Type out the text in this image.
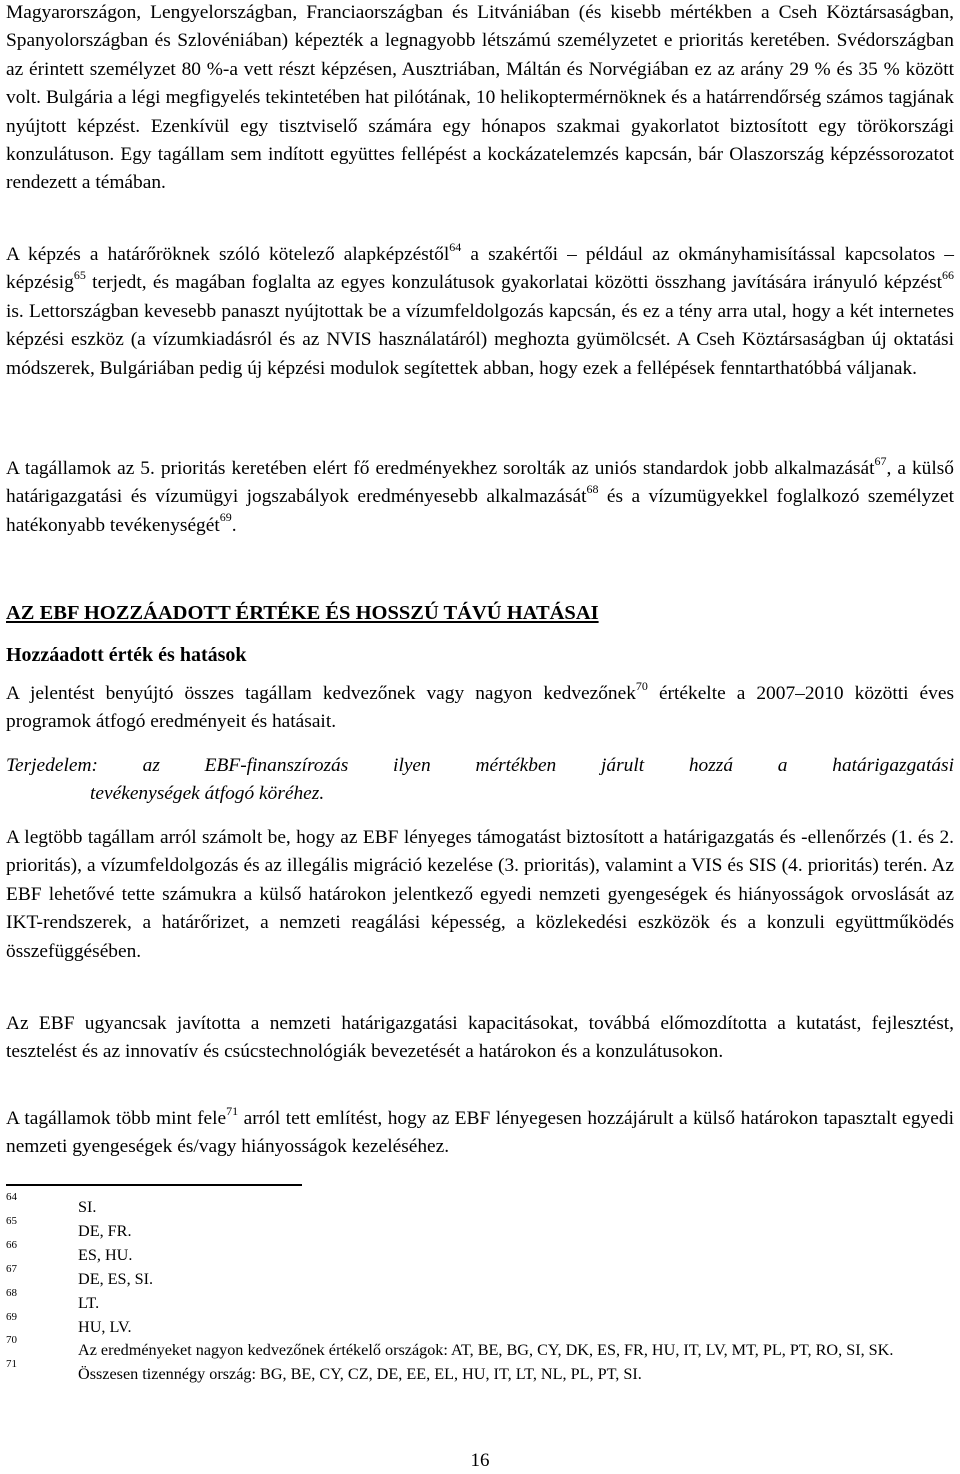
Magyarországon, Lengyelországban, Franciaországban és Litvániában (és kisebb mértékben a Cseh Köztársaságban, Spanyolországban és Szlovéniában) képezték a legnagyobb létszámú személyzetet e prioritás keretében. Svédországban az érintett személyzet 80 %-a vett részt képzésen, Ausztriában, Máltán és Norvégiában ez az arány 29 % és 35 % között volt. Bulgária a légi megfigyelés tekintetében hat pilótának, 10 helikoptermérnöknek és a határrendőrség számos tagjának nyújtott képzést. Ezenkívül egy tisztviselő számára egy hónapos szakmai gyakorlatot biztosított egy törökországi konzulátuson. Egy tagállam sem indított együttes fellépést a kockázatelemzés kapcsán, bár Olaszország képzéssorozatot rendezett a témában.

A képzés a határőröknek szóló kötelező alapképzéstől$^{64}$ a szakértői – például az okmányhamisítással kapcsolatos – képzésig$^{65}$ terjedt, és magában foglalta az egyes konzulátusok gyakorlatai közötti összhang javítására irányuló képzést$^{66}$ is. Lettországban kevesebb panaszt nyújtottak be a vízumfeldolgozás kapcsán, és ez a tény arra utal, hogy a két internetes képzési eszköz (a vízumkiadásról és az NVIS használatáról) meghozta gyümölcsét. A Cseh Köztársaságban új oktatási módszerek, Bulgáriában pedig új képzési modulok segítettek abban, hogy ezek a fellépések fenntarthatóbbá váljanak.

A tagállamok az 5. prioritás keretében elért fő eredményekhez sorolták az uniós standardok jobb alkalmazását$^{67}$, a külső határigazgatási és vízumügyi jogszabályok eredményesebb alkalmazását$^{68}$ és a vízumügyekkel foglalkozó személyzet hatékonyabb tevékenységét$^{69}$.

AZ EBF HOZZÁADOTT ÉRTÉKE ÉS HOSSZÚ TÁVÚ HATÁSAI

Hozzáadott érték és hatások

A jelentést benyújtó összes tagállam kedvezőnek vagy nagyon kedvezőnek$^{70}$ értékelte a 2007–2010 közötti éves programok átfogó eredményeit és hatásait.

Terjedelem: az EBF-finanszírozás ilyen mértékben járult hozzá a határigazgatási
tevékenységek átfogó köréhez.

A legtöbb tagállam arról számolt be, hogy az EBF lényeges támogatást biztosított a határigazgatás és -ellenőrzés (1. és 2. prioritás), a vízumfeldolgozás és az illegális migráció kezelése (3. prioritás), valamint a VIS és SIS (4. prioritás) terén. Az EBF lehetővé tette számukra a külső határokon jelentkező egyedi nemzeti gyengeségek és hiányosságok orvoslását az IKT-rendszerek, a határőrizet, a nemzeti reagálási képesség, a közlekedési eszközök és a konzuli együttműködés összefüggésében.

Az EBF ugyancsak javította a nemzeti határigazgatási kapacitásokat, továbbá előmozdította a kutatást, fejlesztést, tesztelést és az innovatív és csúcstechnológiák bevezetését a határokon és a konzulátusokon.

A tagállamok több mint fele$^{71}$ arról tett említést, hogy az EBF lényegesen hozzájárult a külső határokon tapasztalt egyedi nemzeti gyengeségek és/vagy hiányosságok kezeléséhez.

64
SI.
65
DE, FR.
66
ES, HU.
67
DE, ES, SI.
68
LT.
69
HU, LV.
70
Az eredményeket nagyon kedvezőnek értékelő országok: AT, BE, BG, CY, DK, ES, FR, HU, IT, LV, MT, PL, PT, RO, SI, SK.
71
Összesen tizennégy ország: BG, BE, CY, CZ, DE, EE, EL, HU, IT, LT, NL, PL, PT, SI.
16
